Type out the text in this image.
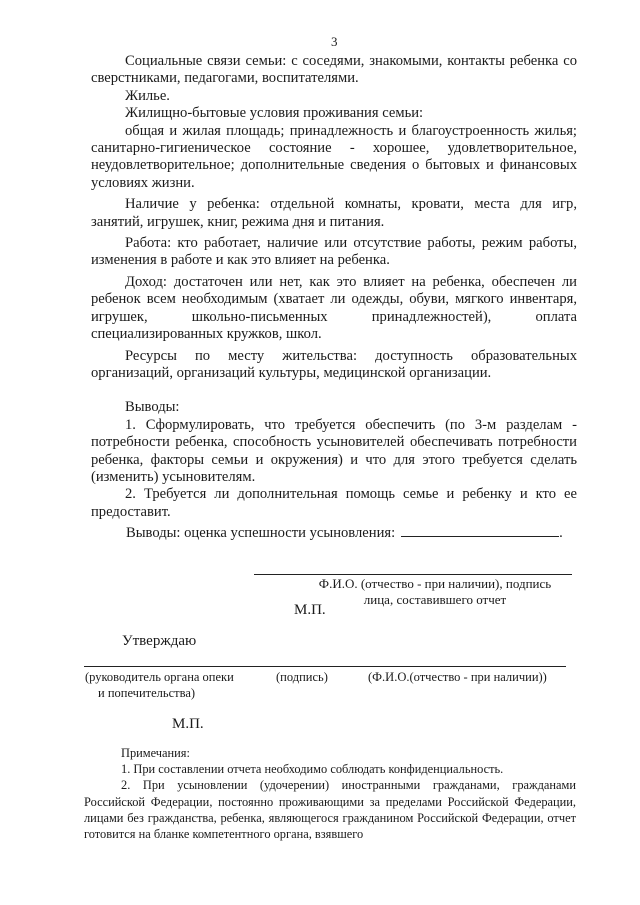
3

Социальные связи семьи: с соседями, знакомыми, контакты ребенка со сверстниками, педагогами, воспитателями.

Жилье.

Жилищно-бытовые условия проживания семьи:

общая и жилая площадь; принадлежность и благоустроенность жилья; санитарно-гигиеническое состояние - хорошее, удовлетворительное, неудовлетворительное; дополнительные сведения о бытовых и финансовых условиях жизни.

Наличие у ребенка: отдельной комнаты, кровати, места для игр, занятий, игрушек, книг, режима дня и питания.

Работа: кто работает, наличие или отсутствие работы, режим работы, изменения в работе и как это влияет на ребенка.

Доход: достаточен или нет, как это влияет на ребенка, обеспечен ли ребенок всем необходимым (хватает ли одежды, обуви, мягкого инвентаря, игрушек, школьно-письменных принадлежностей), оплата специализированных кружков, школ.

Ресурсы по месту жительства: доступность образовательных организаций, организаций культуры, медицинской организации.

Выводы:

1. Сформулировать, что требуется обеспечить (по 3-м разделам - потребности ребенка, способность усыновителей обеспечивать потребности ребенка, факторы семьи и окружения) и что для этого требуется сделать (изменить) усыновителям.

2. Требуется ли дополнительная помощь семье и ребенку и кто ее предоставит.

Выводы: оценка успешности усыновления:	.
Ф.И.О. (отчество - при наличии), подпись
лица, составившего отчет
М.П.
Утверждаю
(руководитель органа опеки
и попечительства)
(подпись)	(Ф.И.О.(отчество - при наличии))
М.П.

Примечания:

1. При составлении отчета необходимо соблюдать конфиденциальность.

2. При усыновлении (удочерении) иностранными гражданами, гражданами Российской Федерации, постоянно проживающими за пределами Российской Федерации, лицами без гражданства, ребенка, являющегося гражданином Российской Федерации, отчет готовится на бланке компетентного органа, взявшего
